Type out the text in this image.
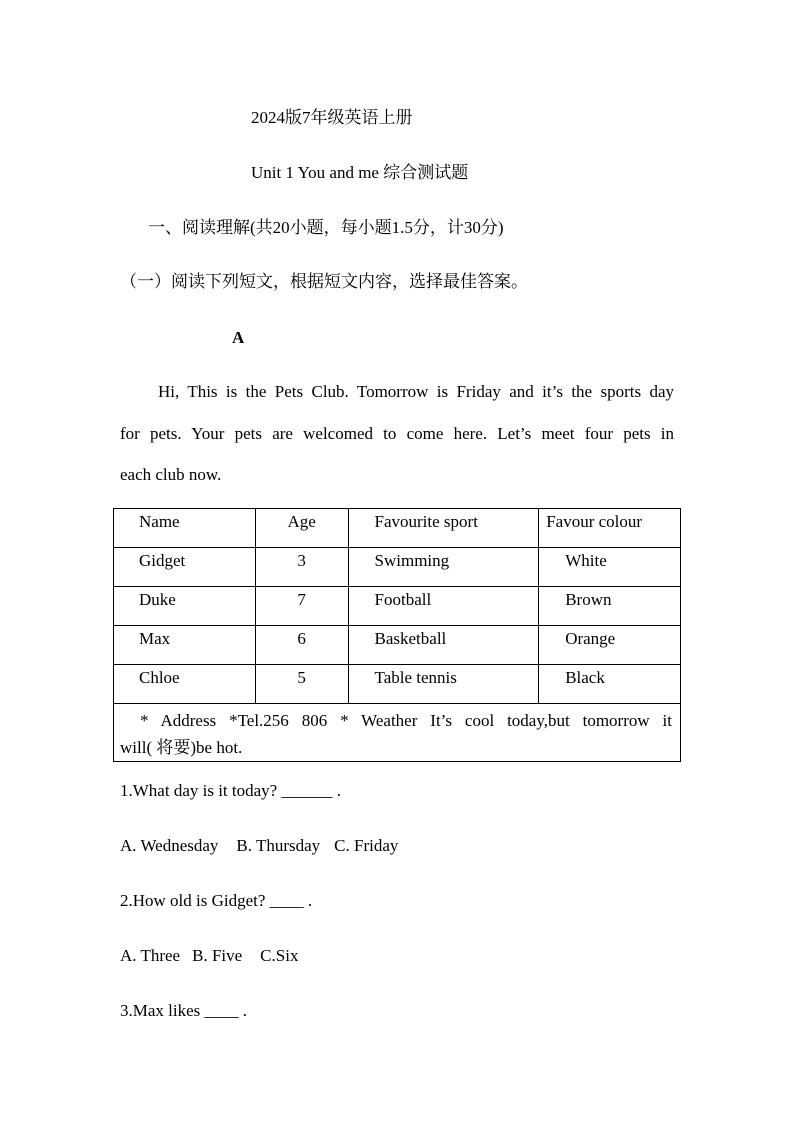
2024版7年级英语上册
Unit 1 You and me 综合测试题
一、阅读理解(共20小题，每小题1.5分，计30分)
（一）阅读下列短文，根据短文内容，选择最佳答案。
A
Hi, This is the Pets Club. Tomorrow is Friday and it’s the sports day
for pets. Your pets are welcomed to come here. Let’s meet four pets in
each club now.
Name	Age	Favourite sport	Favour colour

Gidget	3	Swimming	White

Duke	7	Football	Brown

Max	6	Basketball	Orange

Chloe	5	Table tennis	Black

* Address *Tel.256 806 * Weather It’s cool today,but tomorrow it
will( 将要)be hot.			
1.What day is it today? ______ .
A. Wednesday B. Thursday C. Friday
2.How old is Gidget? ____ .
A. Three B. Five C.Six
3.Max likes ____ .
